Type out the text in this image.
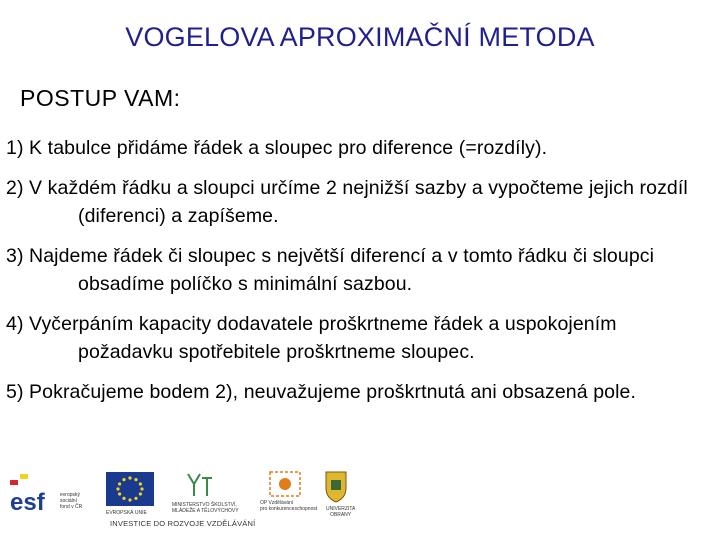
VOGELOVA APROXIMAČNÍ METODA
POSTUP VAM:
1) K tabulce přidáme řádek a sloupec pro diference (=rozdíly).
2) V každém řádku a sloupci určíme 2 nejnižší sazby a vypočteme jejich rozdíl (diferenci) a zapíšeme.
3) Najdeme řádek či sloupec s největší diferencí a v tomto řádku či sloupci obsadíme políčko s minimální sazbou.
4) Vyčerpáním kapacity dodavatele proškrtneme řádek a uspokojením požadavku spotřebitele proškrtneme sloupec.
5) Pokračujeme bodem 2), neuvažujeme proškrtnutá ani obsazená pole.
esf	evropský
sociální
fond v ČR
EVROPSKÁ UNIE
MINISTERSTVO ŠKOLSTVÍ,
MLÁDEŽE A TĚLOVÝCHOVY
OP Vzdělávání
pro konkurenceschopnost UNIVERZITA
OBRANY
INVESTICE DO ROZVOJE VZDĚLÁVÁNÍ
